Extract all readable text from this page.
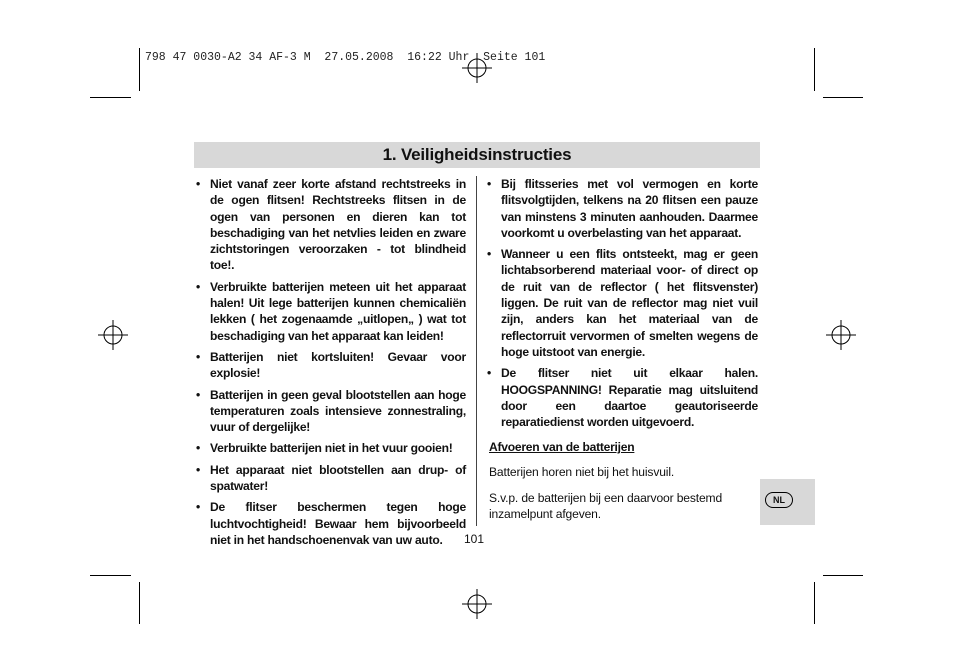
798 47 0030-A2 34 AF-3 M  27.05.2008  16:22 Uhr  Seite 101
1. Veiligheidsinstructies
• Niet vanaf zeer korte afstand rechtstreeks in de ogen flitsen! Rechtstreeks flitsen in de ogen van personen en dieren kan tot beschadiging van het netvlies leiden en zware zichtstoringen veroorzaken - tot blindheid toe!.
• Verbruikte batterijen meteen uit het apparaat halen! Uit lege batterijen kunnen chemicaliën lekken ( het zogenaamde „uitlopen„ ) wat tot beschadiging van het apparaat kan leiden!
• Batterijen niet kortsluiten! Gevaar voor explosie!
• Batterijen in geen geval blootstellen aan hoge temperaturen zoals intensieve zonnestraling, vuur of dergelijke!
• Verbruikte batterijen niet in het vuur gooien!
• Het apparaat niet blootstellen aan drup- of spatwater!
• De flitser beschermen tegen hoge luchtvochtigheid! Bewaar hem bijvoorbeeld niet in het handschoenenvak van uw auto.
• Bij flitsseries met vol vermogen en korte flitsvolgtijden, telkens na 20 flitsen een pauze van minstens 3 minuten aanhouden. Daarmee voorkomt u overbelasting van het apparaat.
• Wanneer u een flits ontsteekt, mag er geen lichtabsorberend materiaal voor- of direct op de ruit van de reflector ( het flitsvenster) liggen. De ruit van de reflector mag niet vuil zijn, anders kan het materiaal van de reflectorruit vervormen of smelten wegens de hoge uitstoot van energie.
• De flitser niet uit elkaar halen. HOOGSPANNING! Reparatie mag uitsluitend door een daartoe geautoriseerde reparatiedienst worden uitgevoerd.
Afvoeren van de batterijen
Batterijen horen niet bij het huisvuil.
S.v.p. de batterijen bij een daarvoor bestemd inzamelpunt afgeven.
101
NL
